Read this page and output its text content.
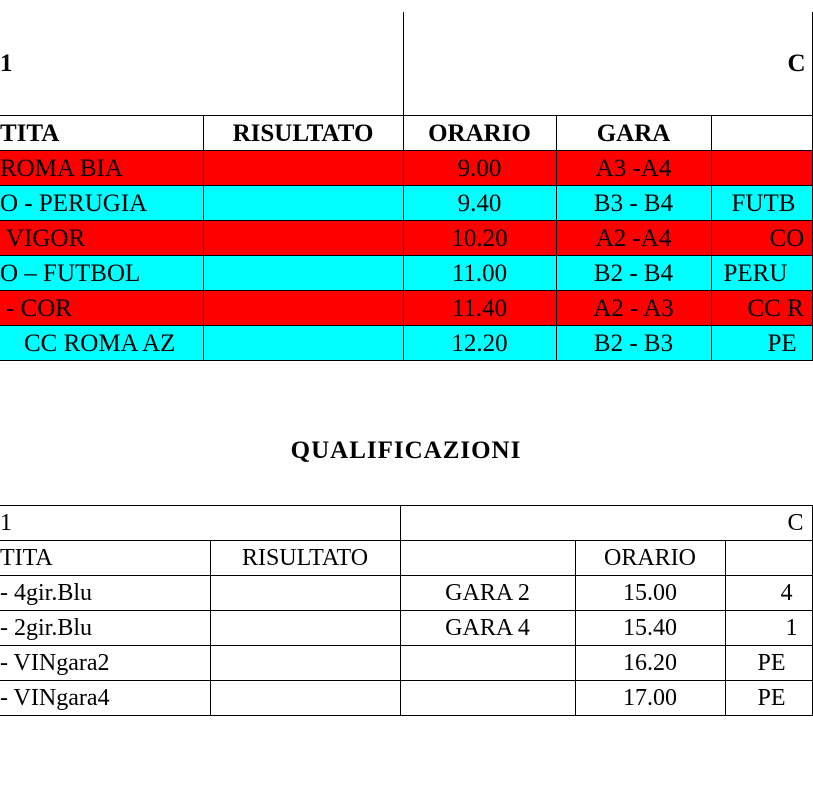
1		C		
TITA	RISULTATO	ORARIO	GARA	
ROMA BIA		9.00	A3 -A4	
O - PERUGIA		9.40	B3 - B4	FUTB
VIGOR		10.20	A2 -A4	CO
O – FUTBOL		11.00	B2 - B4	PERU
- COR		11.40	A2 - A3	CC R
CC ROMA AZ		12.20	B2 - B3	PE
QUALIFICAZIONI
1		C		
TITA	RISULTATO		ORARIO	
- 4gir.Blu		GARA 2	15.00	4
- 2gir.Blu		GARA 4	15.40	1
- VINgara2			16.20	PE
- VINgara4			17.00	PE
